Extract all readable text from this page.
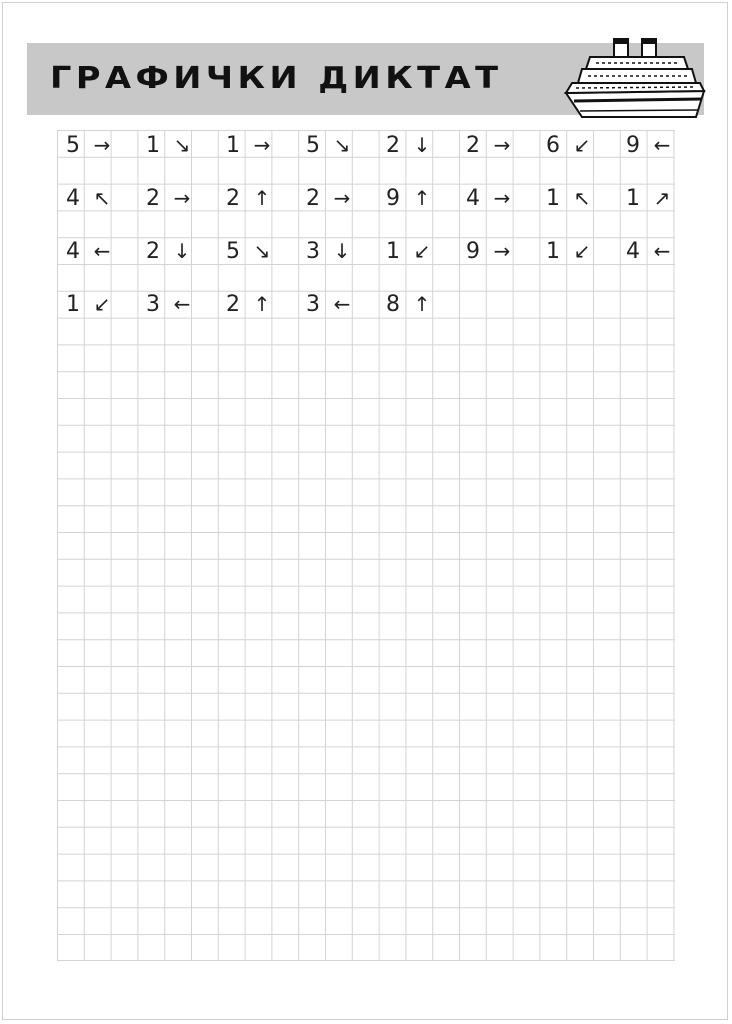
ГРАФИЧКИ ДИКТАТ
5 →	1 ↘	1 →	5 ↘	2 ↓	2 →	6 ↙	9 ←
4 ↖	2 →	2 ↑	2 →	9 ↑	4 →	1 ↖	1 ↗
4 ←	2 ↓	5 ↘	3 ↓	1 ↙	9 →	1 ↙	4 ←
1 ↙	3 ←	2 ↑	3 ←	8 ↑
